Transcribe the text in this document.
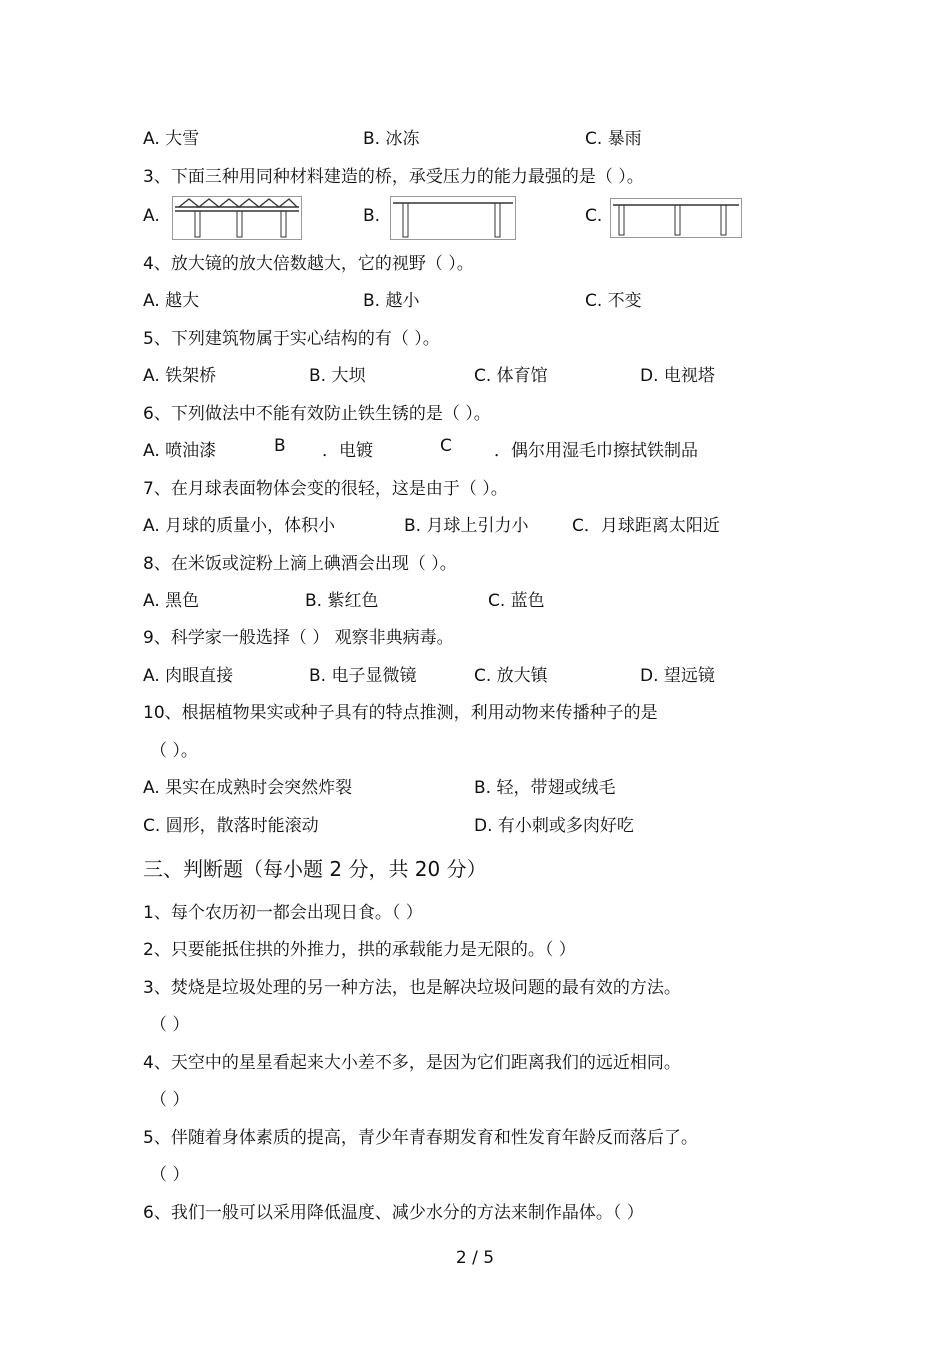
A. 大雪	B. 冰冻	C. 暴雨
3、下面三种用同种材料建造的桥，承受压力的能力最强的是（ ）。
A.	B.	C.
4、放大镜的放大倍数越大，它的视野（ ）。
A. 越大	B. 越小	C. 不变
5、下列建筑物属于实心结构的有（ ）。
A. 铁架桥	B. 大坝	C. 体育馆	D. 电视塔
6、下列做法中不能有效防止铁生锈的是（ ）。
A. 喷油漆	B ．电镀	C ．偶尔用湿毛巾擦拭铁制品
7、在月球表面物体会变的很轻，这是由于（ ）。
A. 月球的质量小，体积小	B. 月球上引力小	C．月球距离太阳近
8、在米饭或淀粉上滴上碘酒会出现（ ）。
A. 黑色	B. 紫红色	C. 蓝色
9、科学家一般选择（ ） 观察非典病毒。
A. 肉眼直接	B. 电子显微镜	C. 放大镇	D. 望远镜
10、根据植物果实或种子具有的特点推测，利用动物来传播种子的是
（ ）。
A. 果实在成熟时会突然炸裂	B. 轻，带翅或绒毛
C. 圆形，散落时能滚动	D. 有小刺或多肉好吃
三、判断题（每小题 2 分，共 20 分）
1、每个农历初一都会出现日食。（ ）
2、只要能抵住拱的外推力，拱的承载能力是无限的。（ ）
3、焚烧是垃圾处理的另一种方法，也是解决垃圾问题的最有效的方法。
（ ）
4、天空中的星星看起来大小差不多，是因为它们距离我们的远近相同。
（ ）
5、伴随着身体素质的提高，青少年青春期发育和性发育年龄反而落后了。
（ ）
6、我们一般可以采用降低温度、减少水分的方法来制作晶体。（ ）
2 / 5
